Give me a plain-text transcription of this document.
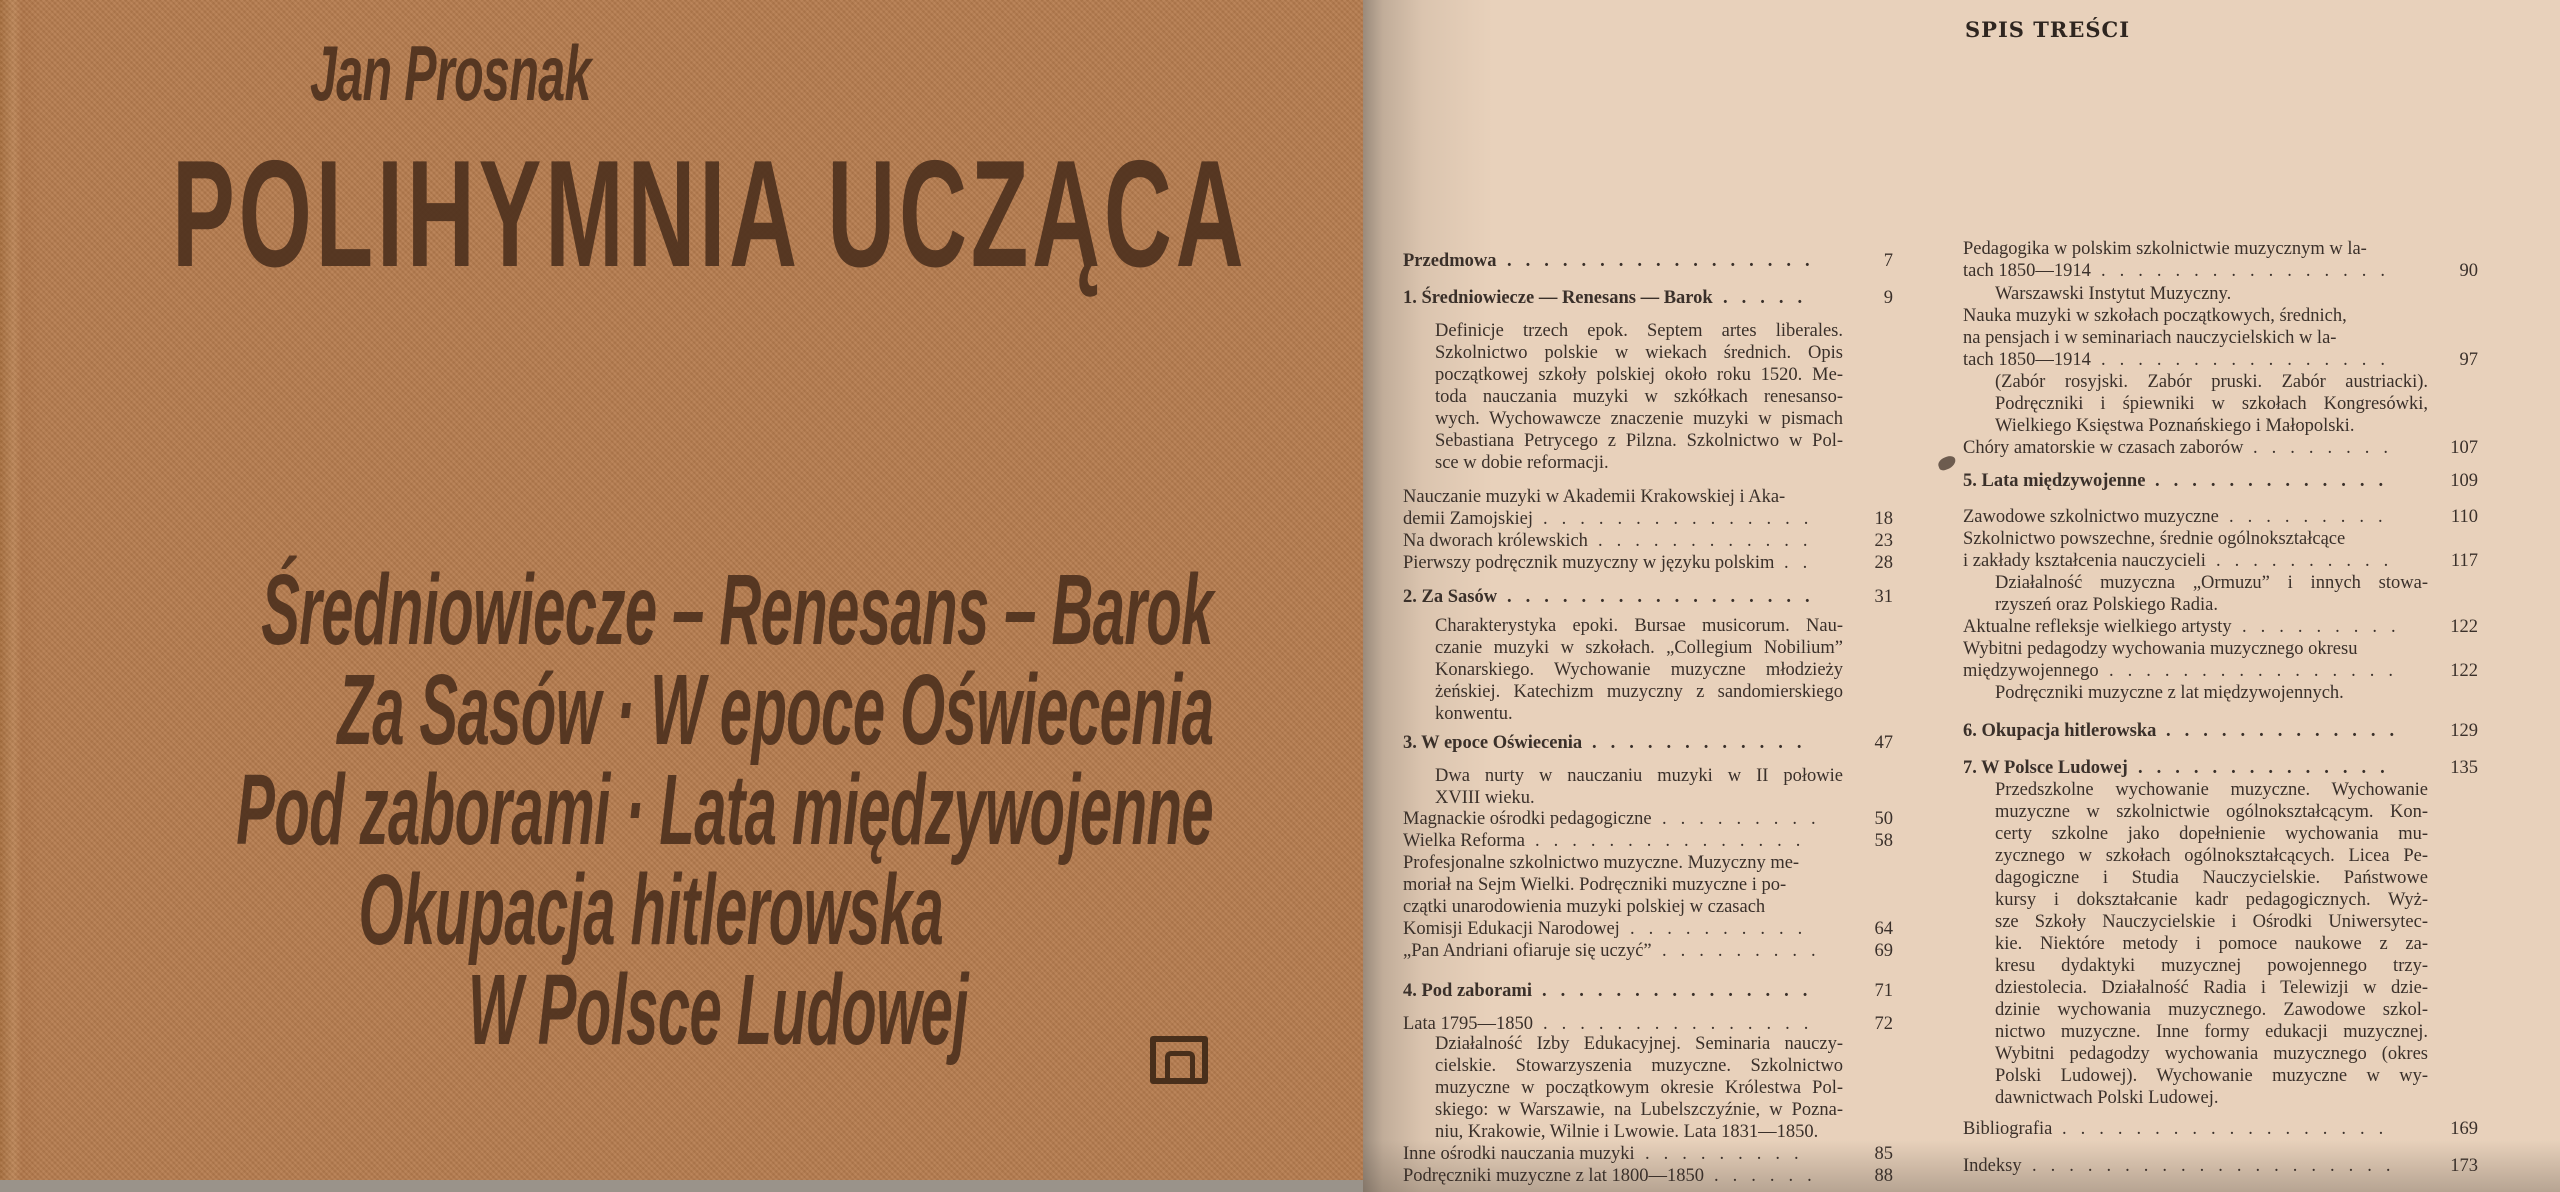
Jan Prosnak
POLIHYMNIA UCZĄCA
Średniowiecze – Renesans – Barok
Za Sasów · W epoce Oświecenia
Pod zaborami · Lata międzywojenne
Okupacja hitlerowska
W Polsce Ludowej
SPIS TREŚCI
Przedmowa .................	7
1. Średniowiecze — Renesans — Barok .....	9
Definicje trzech epok. Septem artes liberales.
Szkolnictwo polskie w wiekach średnich. Opis
początkowej szkoły polskiej około roku 1520. Me-
toda nauczania muzyki w szkółkach renesanso-
wych. Wychowawcze znaczenie muzyki w pismach
Sebastiana Petrycego z Pilzna. Szkolnictwo w Pol-
sce w dobie reformacji.
Nauczanie muzyki w Akademii Krakowskiej i Aka-
demii Zamojskiej ...............	18
Na dworach królewskich ............	23
Pierwszy podręcznik muzyczny w języku polskim ..	28
2. Za Sasów .................	31
Charakterystyka epoki. Bursae musicorum. Nau-
czanie muzyki w szkołach. „Collegium Nobilium”
Konarskiego. Wychowanie muzyczne młodzieży
żeńskiej. Katechizm muzyczny z sandomierskiego
konwentu.
3. W epoce Oświecenia ............	47
Dwa nurty w nauczaniu muzyki w II połowie
XVIII wieku.
Magnackie ośrodki pedagogiczne .........	50
Wielka Reforma ...............	58
Profesjonalne szkolnictwo muzyczne. Muzyczny me-
moriał na Sejm Wielki. Podręczniki muzyczne i po-
czątki unarodowienia muzyki polskiej w czasach
Komisji Edukacji Narodowej ..........	64
„Pan Andriani ofiaruje się uczyć” .........	69
4. Pod zaborami ...............	71
Lata 1795—1850 ...............	72
Działalność Izby Edukacyjnej. Seminaria nauczy-
cielskie. Stowarzyszenia muzyczne. Szkolnictwo
muzyczne w początkowym okresie Królestwa Pol-
skiego: w Warszawie, na Lubelszczyźnie, w Pozna-
niu, Krakowie, Wilnie i Lwowie. Lata 1831—1850.
Inne ośrodki nauczania muzyki .........	85
Podręczniki muzyczne z lat 1800—1850 ......	88
Pedagogika w polskim szkolnictwie muzycznym w la-
tach 1850—1914 ................	90
Warszawski Instytut Muzyczny.
Nauka muzyki w szkołach początkowych, średnich,
na pensjach i w seminariach nauczycielskich w la-
tach 1850—1914 ................	97
(Zabór rosyjski. Zabór pruski. Zabór austriacki).
Podręczniki i śpiewniki w szkołach Kongresówki,
Wielkiego Księstwa Poznańskiego i Małopolski.
Chóry amatorskie w czasach zaborów ........	107
5. Lata międzywojenne .............	109
Zawodowe szkolnictwo muzyczne .........	110
Szkolnictwo powszechne, średnie ogólnokształcące
i zakłady kształcenia nauczycieli ..........	117
Działalność muzyczna „Ormuzu” i innych stowa-
rzyszeń oraz Polskiego Radia.
Aktualne refleksje wielkiego artysty .........	122
Wybitni pedagodzy wychowania muzycznego okresu
międzywojennego ................	122
Podręczniki muzyczne z lat międzywojennych.
6. Okupacja hitlerowska .............	129
7. W Polsce Ludowej ..............	135
Przedszkolne wychowanie muzyczne. Wychowanie
muzyczne w szkolnictwie ogólnokształcącym. Kon-
certy szkolne jako dopełnienie wychowania mu-
zycznego w szkołach ogólnokształcących. Licea Pe-
dagogiczne i Studia Nauczycielskie. Państwowe
kursy i dokształcanie kadr pedagogicznych. Wyż-
sze Szkoły Nauczycielskie i Ośrodki Uniwersytec-
kie. Niektóre metody i pomoce naukowe z za-
kresu dydaktyki muzycznej powojennego trzy-
dziestolecia. Działalność Radia i Telewizji w dzie-
dzinie wychowania muzycznego. Zawodowe szkol-
nictwo muzyczne. Inne formy edukacji muzycznej.
Wybitni pedagodzy wychowania muzycznego (okres
Polski Ludowej). Wychowanie muzyczne w wy-
dawnictwach Polski Ludowej.
Bibliografia ..................	169
Indeksy ....................	173
